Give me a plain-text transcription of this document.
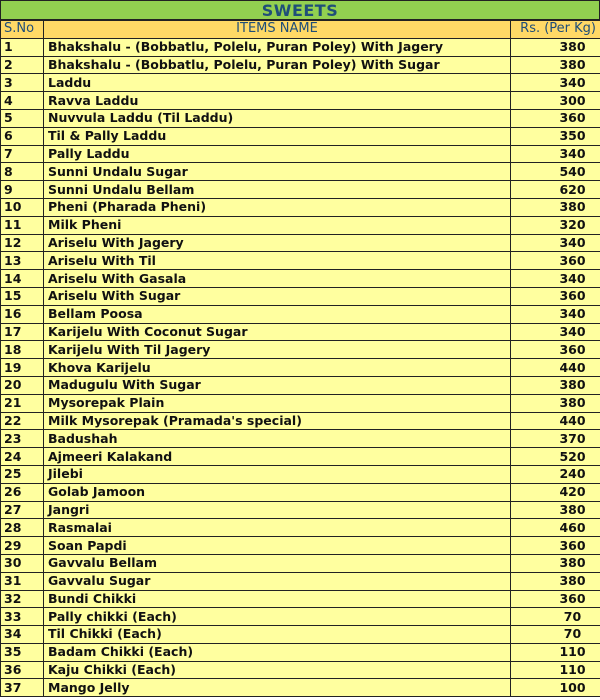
SWEETS
S.No	ITEMS NAME	Rs. (Per Kg)
1	Bhakshalu - (Bobbatlu, Polelu, Puran Poley) With Jagery	380
2	Bhakshalu - (Bobbatlu, Polelu, Puran Poley) With Sugar	380
3	Laddu	340
4	Ravva Laddu	300
5	Nuvvula Laddu (Til Laddu)	360
6	Til & Pally Laddu	350
7	Pally Laddu	340
8	Sunni Undalu Sugar	540
9	Sunni Undalu Bellam	620
10	Pheni (Pharada Pheni)	380
11	Milk Pheni	320
12	Ariselu With Jagery	340
13	Ariselu With Til	360
14	Ariselu With Gasala	340
15	Ariselu With Sugar	360
16	Bellam Poosa	340
17	Karijelu With Coconut Sugar	340
18	Karijelu With Til Jagery	360
19	Khova Karijelu	440
20	Madugulu With Sugar	380
21	Mysorepak Plain	380
22	Milk Mysorepak (Pramada's special)	440
23	Badushah	370
24	Ajmeeri Kalakand	520
25	Jilebi	240
26	Golab Jamoon	420
27	Jangri	380
28	Rasmalai	460
29	Soan Papdi	360
30	Gavvalu Bellam	380
31	Gavvalu Sugar	380
32	Bundi Chikki	360
33	Pally chikki (Each)	70
34	Til Chikki (Each)	70
35	Badam Chikki (Each)	110
36	Kaju Chikki (Each)	110
37	Mango Jelly	100
